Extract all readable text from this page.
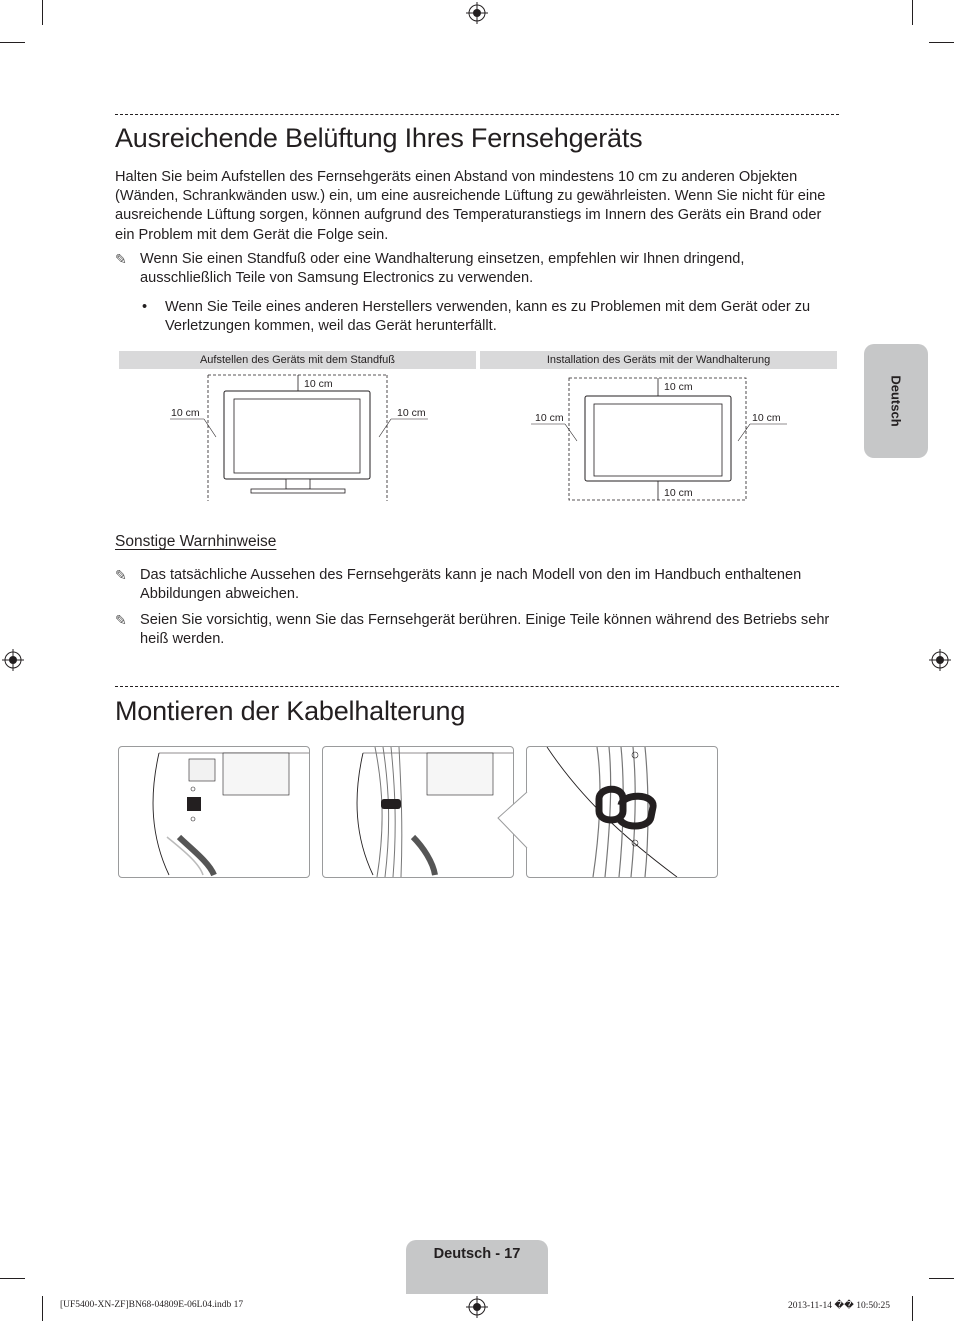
Ausreichende Belüftung Ihres Fernsehgeräts

Halten Sie beim Aufstellen des Fernsehgeräts einen Abstand von mindestens 10 cm zu anderen Objekten (Wänden, Schrankwänden usw.) ein, um eine ausreichende Lüftung zu gewährleisten. Wenn Sie nicht für eine ausreichende Lüftung sorgen, können aufgrund des Temperaturanstiegs im Innern des Geräts ein Brand oder ein Problem mit dem Gerät die Folge sein.

✎ Wenn Sie einen Standfuß oder eine Wandhalterung einsetzen, empfehlen wir Ihnen dringend, ausschließlich Teile von Samsung Electronics zu verwenden.
• Wenn Sie Teile eines anderen Herstellers verwenden, kann es zu Problemen mit dem Gerät oder zu Verletzungen kommen, weil das Gerät herunterfällt.
Aufstellen des Geräts mit dem Standfuß	Installation des Geräts mit der Wandhalterung
10 cm
10 cm	10 cm
10 cm
10 cm	10 cm
10 cm
Sonstige Warnhinweise
✎ Das tatsächliche Aussehen des Fernsehgeräts kann je nach Modell von den im Handbuch enthaltenen Abbildungen abweichen.
✎ Seien Sie vorsichtig, wenn Sie das Fernsehgerät berühren. Einige Teile können während des Betriebs sehr heiß werden.
Montieren der Kabelhalterung
Deutsch
Deutsch - 17
[UF5400-XN-ZF]BN68-04809E-06L04.indb 17	2013-11-14 �� 10:50:25
